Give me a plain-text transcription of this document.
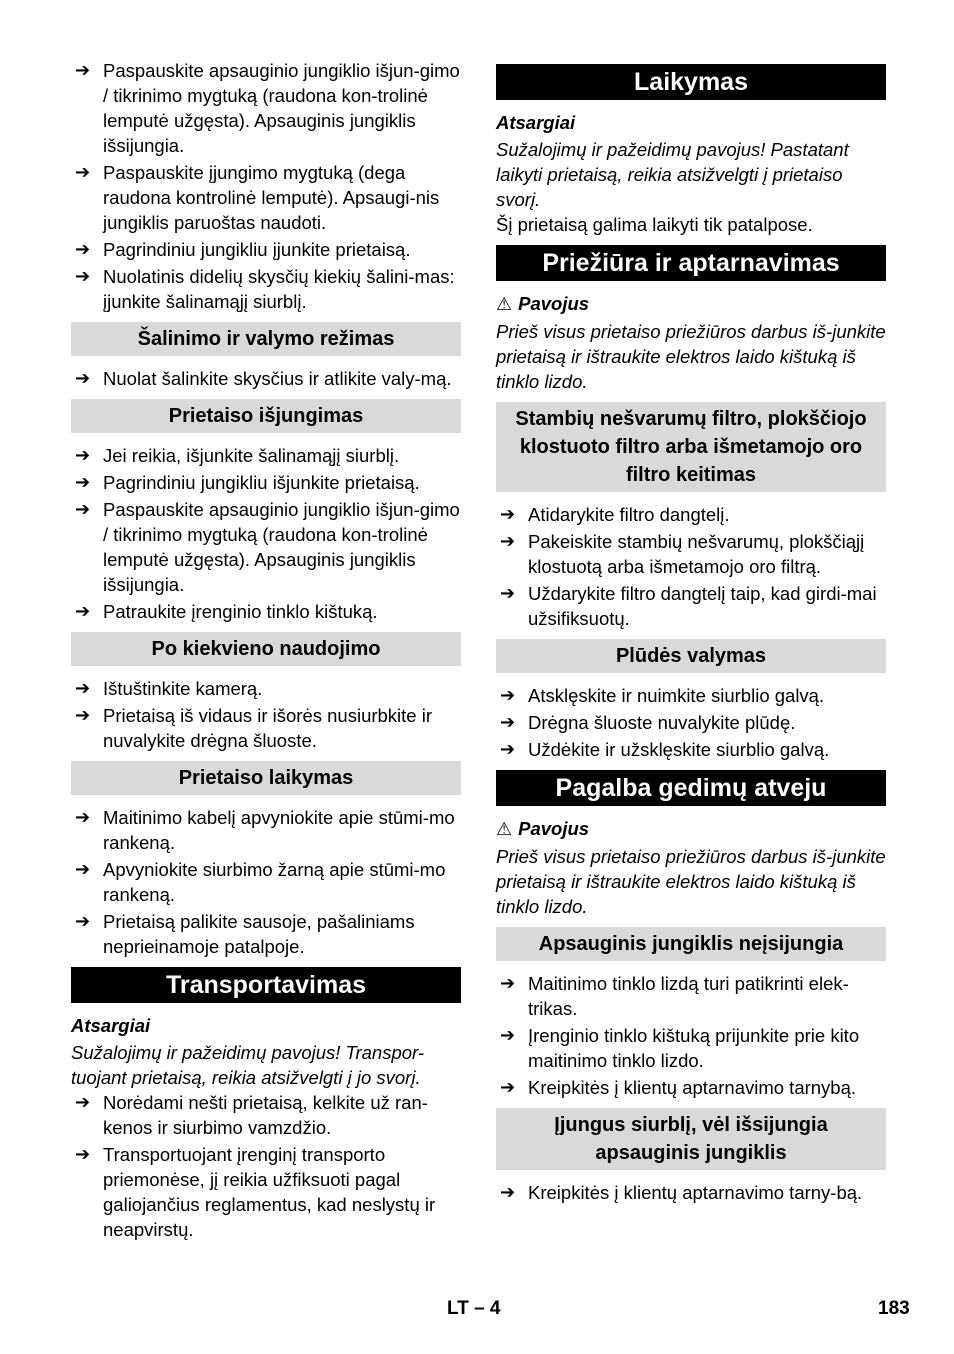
➔ Paspauskite apsauginio jungiklio išjun-gimo / tikrinimo mygtuką (raudona kon-trolinė lemputė užgęsta). Apsauginis jungiklis išsijungia.
➔ Paspauskite įjungimo mygtuką (dega raudona kontrolinė lemputė). Apsaugi-nis jungiklis paruoštas naudoti.
➔ Pagrindiniu jungikliu įjunkite prietaisą.
➔ Nuolatinis didelių skysčių kiekių šalini-mas: įjunkite šalinamąjį siurblį.
Šalinimo ir valymo režimas
➔ Nuolat šalinkite skysčius ir atlikite valy-mą.
Prietaiso išjungimas
➔ Jei reikia, išjunkite šalinamąjį siurblį.
➔ Pagrindiniu jungikliu išjunkite prietaisą.
➔ Paspauskite apsauginio jungiklio išjun-gimo / tikrinimo mygtuką (raudona kon-trolinė lemputė užgęsta). Apsauginis jungiklis išsijungia.
➔ Patraukite įrenginio tinklo kištuką.
Po kiekvieno naudojimo
➔ Ištuštinkite kamerą.
➔ Prietaisą iš vidaus ir išorės nusiurbkite ir nuvalykite drėgna šluoste.
Prietaiso laikymas
➔ Maitinimo kabelį apvyniokite apie stūmi-mo rankeną.
➔ Apvyniokite siurbimo žarną apie stūmi-mo rankeną.
➔ Prietaisą palikite sausoje, pašaliniams neprieinamoje patalpoje.
Transportavimas
Atsargiai
Sužalojimų ir pažeidimų pavojus! Transpor-tuojant prietaisą, reikia atsižvelgti į jo svorį.
➔ Norėdami nešti prietaisą, kelkite už ran-kenos ir siurbimo vamzdžio.
➔ Transportuojant įrenginį transporto priemonėse, jį reikia užfiksuoti pagal galiojančius reglamentus, kad neslystų ir neapvirstų.
Laikymas
Atsargiai
Sužalojimų ir pažeidimų pavojus! Pastatant laikyti prietaisą, reikia atsižvelgti į prietaiso svorį.
Šį prietaisą galima laikyti tik patalpose.
Priežiūra ir aptarnavimas
⚠ Pavojus
Prieš visus prietaiso priežiūros darbus iš-junkite prietaisą ir ištraukite elektros laido kištuką iš tinklo lizdo.
Stambių nešvarumų filtro, plokščiojo klostuoto filtro arba išmetamojo oro filtro keitimas
➔ Atidarykite filtro dangtelį.
➔ Pakeiskite stambių nešvarumų, plokščiąjį klostuotą arba išmetamojo oro filtrą.
➔ Uždarykite filtro dangtelį taip, kad girdi-mai užsifiksuotų.
Plūdės valymas
➔ Atsklęskite ir nuimkite siurblio galvą.
➔ Drėgna šluoste nuvalykite plūdę.
➔ Uždėkite ir užsklęskite siurblio galvą.
Pagalba gedimų atveju
⚠ Pavojus
Prieš visus prietaiso priežiūros darbus iš-junkite prietaisą ir ištraukite elektros laido kištuką iš tinklo lizdo.
Apsauginis jungiklis neįsijungia
➔ Maitinimo tinklo lizdą turi patikrinti elek-trikas.
➔ Įrenginio tinklo kištuką prijunkite prie kito maitinimo tinklo lizdo.
➔ Kreipkitės į klientų aptarnavimo tarnybą.
Įjungus siurblį, vėl išsijungia apsauginis jungiklis
➔ Kreipkitės į klientų aptarnavimo tarny-bą.
LT – 4	183
